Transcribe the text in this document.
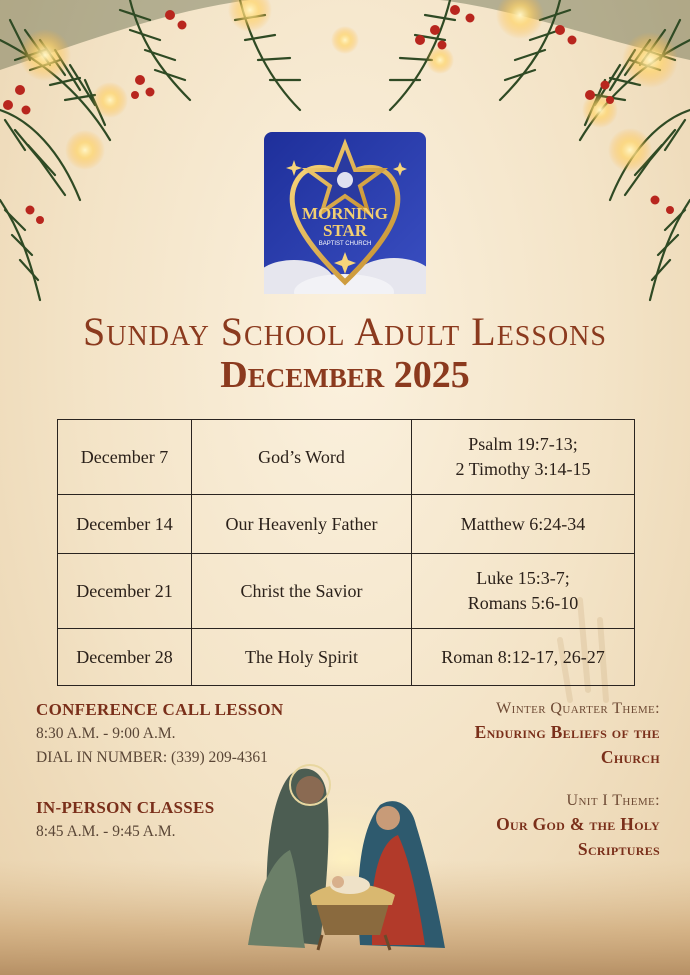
MORNING
STAR
BAPTIST CHURCH
Sunday School Adult Lessons
December 2025
December 7	God’s Word	Psalm 19:7-13;
2 Timothy 3:14-15

December 14	Our Heavenly Father	Matthew 6:24-34

December 21	Christ the Savior	Luke 15:3-7;
Romans 5:6-10

December 28	The Holy Spirit	Roman 8:12-17, 26-27
CONFERENCE CALL LESSON
8:30 A.M. - 9:00 A.M.
DIAL IN NUMBER: (339) 209-4361
IN-PERSON CLASSES
8:45 A.M. - 9:45 A.M.
Winter Quarter Theme:
Enduring Beliefs of the
Church
Unit I Theme:
Our God & the Holy
Scriptures
